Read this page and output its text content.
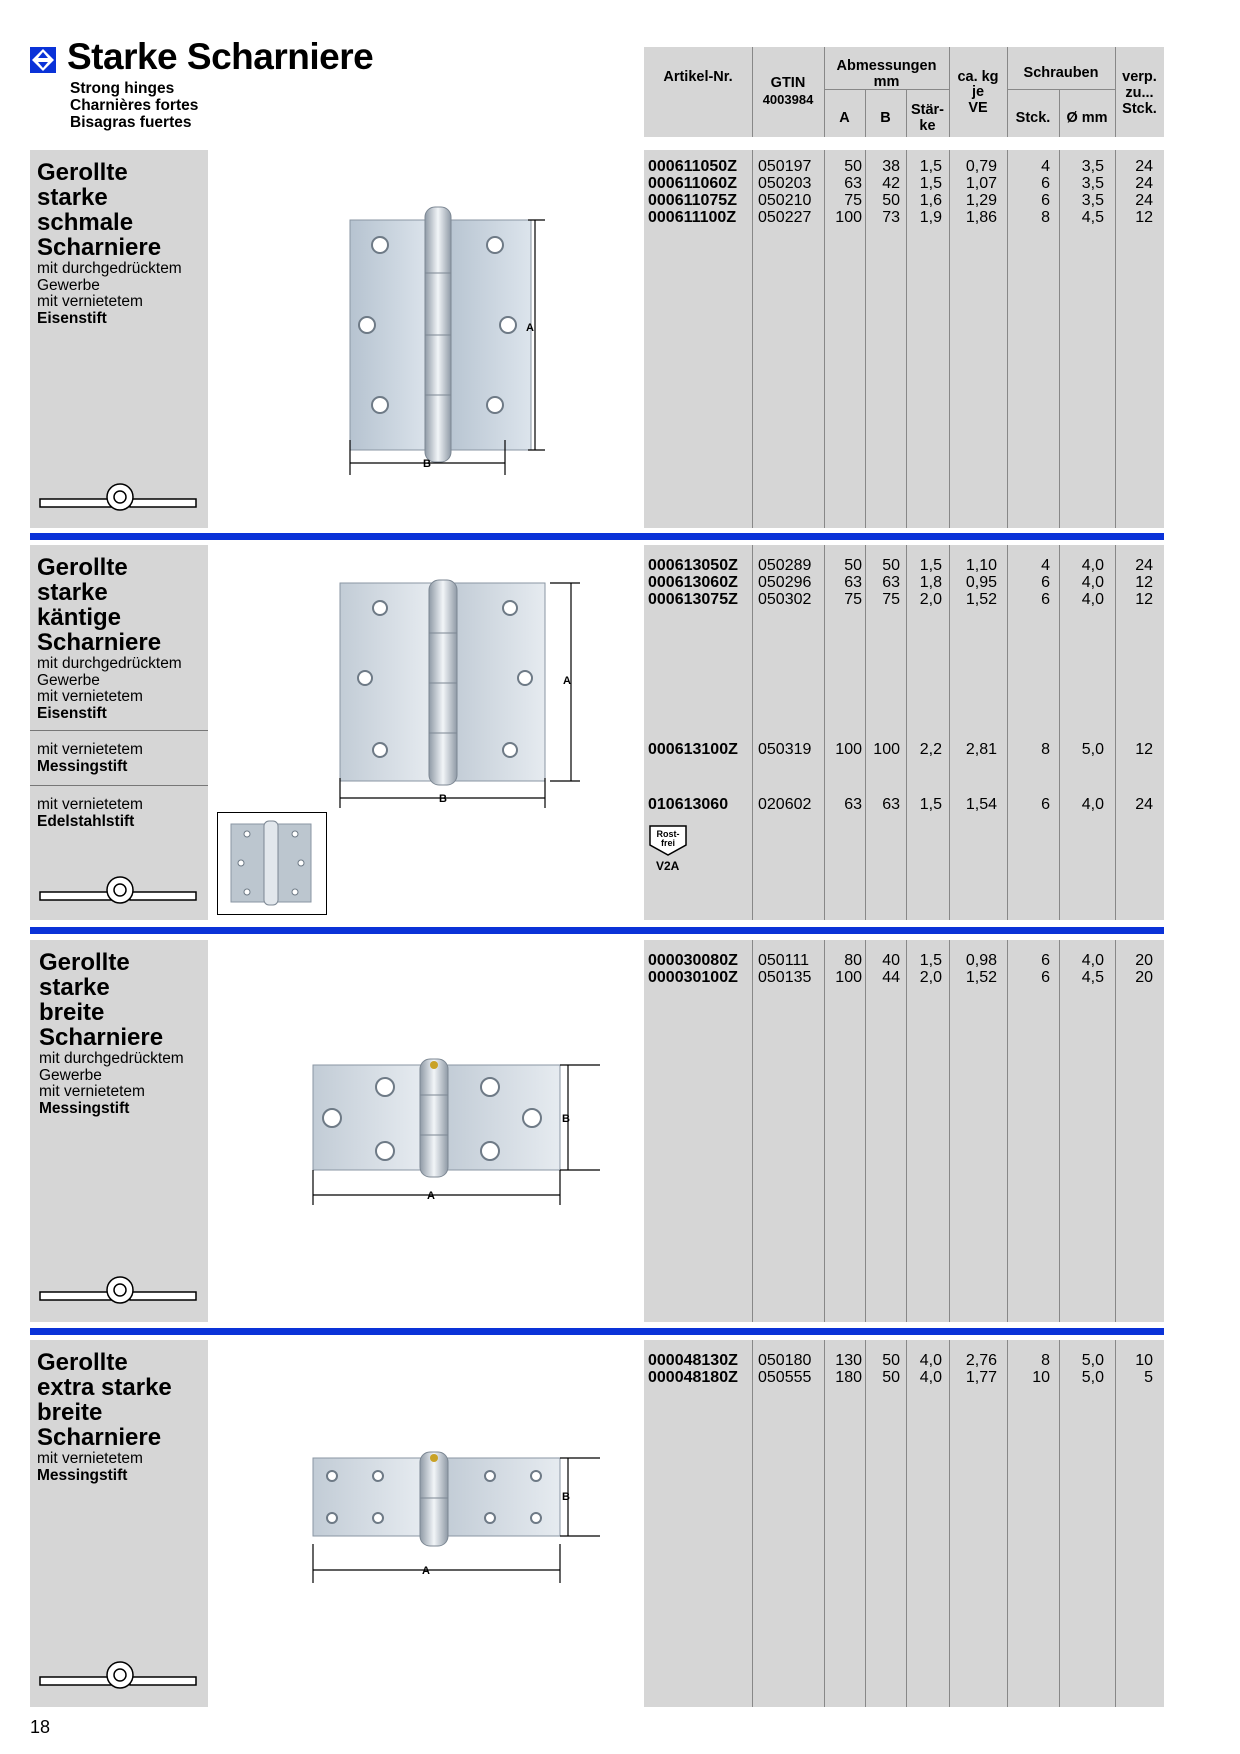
Starke Scharniere
Strong hinges
Charnières fortes
Bisagras fuertes
Artikel-Nr.	GTIN
4003984
Abmessungen
mm
A	B	Stär-
ke
ca. kg
je
VE
Schrauben
Stck.	Ø mm
verp.
zu...
Stck.
Gerollte
starke
schmale
Scharniere
mit durchgedrücktem
Gewerbe
mit vernietetem
Eisenstift
A
B
000611050Z 050197 50 38 1,5 0,79	4 3,5 24
000611060Z 050203 63 42 1,5 1,07	6 3,5 24
000611075Z 050210 75 50 1,6 1,29	6 3,5 24
000611100Z 050227 100 73 1,9 1,86	8 4,5 12
Gerollte
starke
käntige
Scharniere
mit durchgedrücktem
Gewerbe
mit vernietetem
Eisenstift
mit vernietetem
Messingstift
mit vernietetem
Edelstahlstift
A
B
000613050Z 050289 50 50 1,5 1,10	4 4,0 24
000613060Z 050296 63 63 1,8 0,95	6 4,0 12
000613075Z 050302 75 75 2,0 1,52	6 4,0 12
000613100Z 050319 100 100 2,2 2,81	8 5,0 12
010613060 020602 63 63 1,5 1,54	6 4,0 24
Rost-
frei
V2A
Gerollte
starke
breite
Scharniere
mit durchgedrücktem
Gewerbe
mit vernietetem
Messingstift
B
A
000030080Z 050111 80 40 1,5 0,98	6 4,0 20
000030100Z 050135 100 44 2,0 1,52	6 4,5 20
Gerollte
extra starke
breite
Scharniere
mit vernietetem
Messingstift
B
A
000048130Z 050180 130 50 4,0 2,76	8 5,0 10
000048180Z 050555 180 50 4,0 1,77 10 5,0	5
18
